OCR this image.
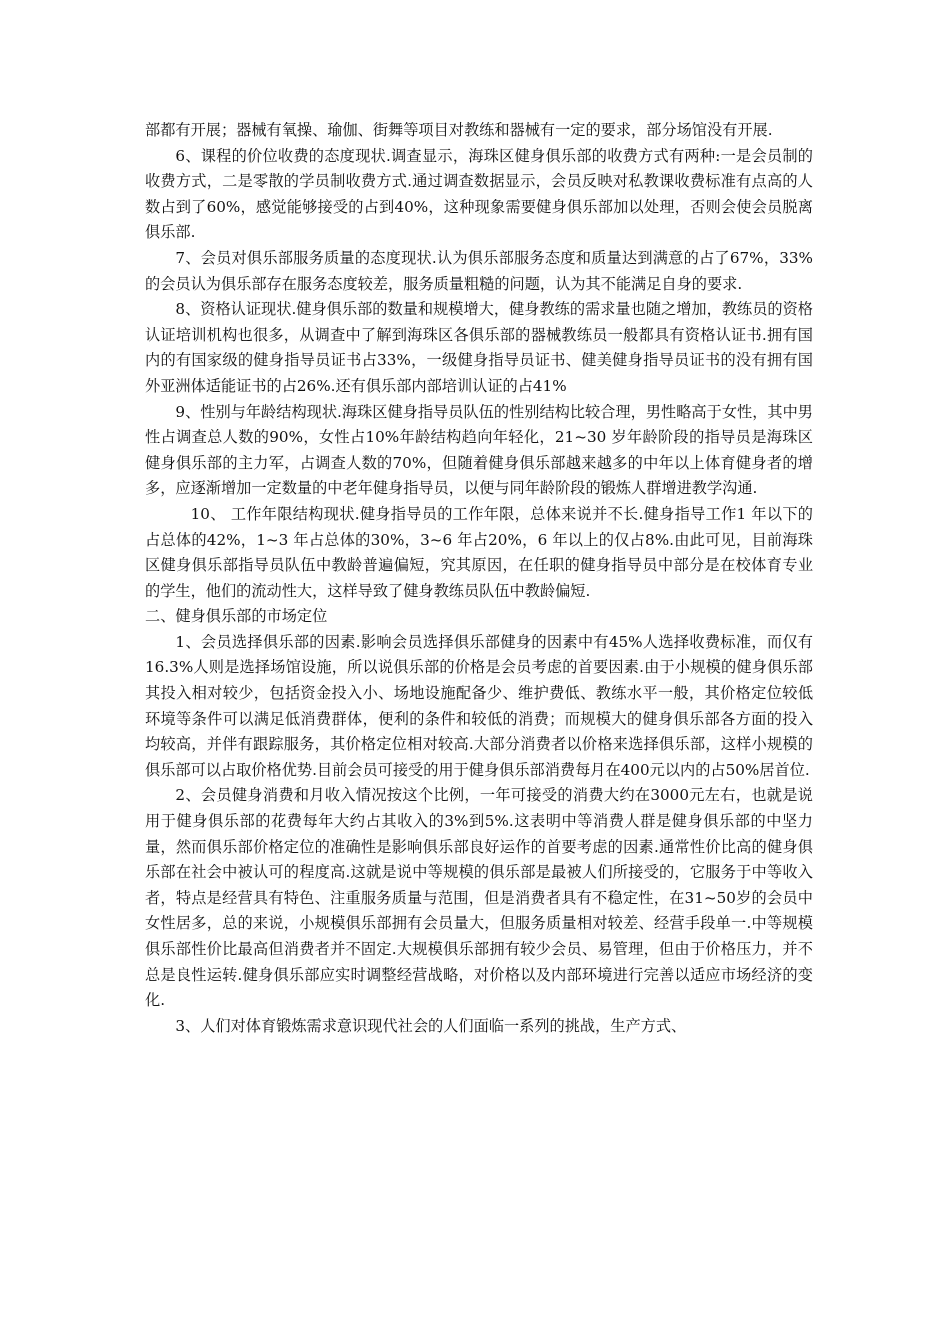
部都有开展；器械有氧操、瑜伽、街舞等项目对教练和器械有一定的要求，部分场馆没有开展.

6、课程的价位收费的态度现状.调查显示，海珠区健身俱乐部的收费方式有两种:一是会员制的收费方式，二是零散的学员制收费方式.通过调查数据显示，会员反映对私教课收费标准有点高的人数占到了60%，感觉能够接受的占到40%，这种现象需要健身俱乐部加以处理，否则会使会员脱离俱乐部.

7、会员对俱乐部服务质量的态度现状.认为俱乐部服务态度和质量达到满意的占了67%，33%的会员认为俱乐部存在服务态度较差，服务质量粗糙的问题，认为其不能满足自身的要求.

8、资格认证现状.健身俱乐部的数量和规模增大，健身教练的需求量也随之增加，教练员的资格认证培训机构也很多，从调查中了解到海珠区各俱乐部的器械教练员一般都具有资格认证书.拥有国内的有国家级的健身指导员证书占33%，一级健身指导员证书、健美健身指导员证书的没有拥有国外亚洲体适能证书的占26%.还有俱乐部内部培训认证的占41%

9、性别与年龄结构现状.海珠区健身指导员队伍的性别结构比较合理，男性略高于女性，其中男性占调查总人数的90%，女性占10%年龄结构趋向年轻化，21~30 岁年龄阶段的指导员是海珠区健身俱乐部的主力军，占调查人数的70%，但随着健身俱乐部越来越多的中年以上体育健身者的增多，应逐渐增加一定数量的中老年健身指导员，以便与同年龄阶段的锻炼人群增进教学沟通.

10、 工作年限结构现状.健身指导员的工作年限，总体来说并不长.健身指导工作1 年以下的占总体的42%，1~3 年占总体的30%，3~6 年占20%，6 年以上的仅占8%.由此可见，目前海珠区健身俱乐部指导员队伍中教龄普遍偏短，究其原因，在任职的健身指导员中部分是在校体育专业的学生，他们的流动性大，这样导致了健身教练员队伍中教龄偏短.

二、健身俱乐部的市场定位

1、会员选择俱乐部的因素.影响会员选择俱乐部健身的因素中有45%人选择收费标准，而仅有16.3%人则是选择场馆设施，所以说俱乐部的价格是会员考虑的首要因素.由于小规模的健身俱乐部其投入相对较少，包括资金投入小、场地设施配备少、维护费低、教练水平一般，其价格定位较低环境等条件可以满足低消费群体，便利的条件和较低的消费；而规模大的健身俱乐部各方面的投入均较高，并伴有跟踪服务，其价格定位相对较高.大部分消费者以价格来选择俱乐部，这样小规模的俱乐部可以占取价格优势.目前会员可接受的用于健身俱乐部消费每月在400元以内的占50%居首位.

2、会员健身消费和月收入情况按这个比例，一年可接受的消费大约在3000元左右，也就是说用于健身俱乐部的花费每年大约占其收入的3%到5%.这表明中等消费人群是健身俱乐部的中坚力量，然而俱乐部价格定位的准确性是影响俱乐部良好运作的首要考虑的因素.通常性价比高的健身俱乐部在社会中被认可的程度高.这就是说中等规模的俱乐部是最被人们所接受的，它服务于中等收入者，特点是经营具有特色、注重服务质量与范围，但是消费者具有不稳定性，在31~50岁的会员中女性居多，总的来说，小规模俱乐部拥有会员量大，但服务质量相对较差、经营手段单一.中等规模俱乐部性价比最高但消费者并不固定.大规模俱乐部拥有较少会员、易管理，但由于价格压力，并不总是良性运转.健身俱乐部应实时调整经营战略，对价格以及内部环境进行完善以适应市场经济的变化.

3、人们对体育锻炼需求意识现代社会的人们面临一系列的挑战，生产方式、
